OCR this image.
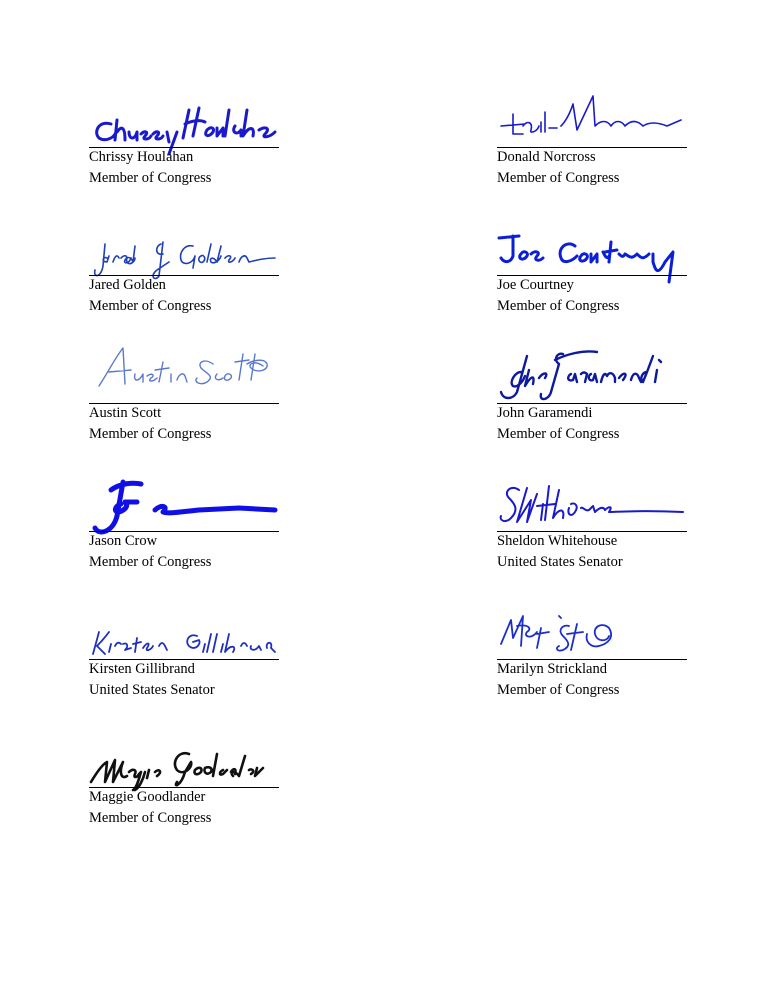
Chrissy Houlahan
Member of Congress
Donald Norcross
Member of Congress
Jared Golden
Member of Congress
Joe Courtney
Member of Congress
Austin Scott
Member of Congress
John Garamendi
Member of Congress
Jason Crow
Member of Congress
Sheldon Whitehouse
United States Senator
Kirsten Gillibrand
United States Senator
Marilyn Strickland
Member of Congress
Maggie Goodlander
Member of Congress
